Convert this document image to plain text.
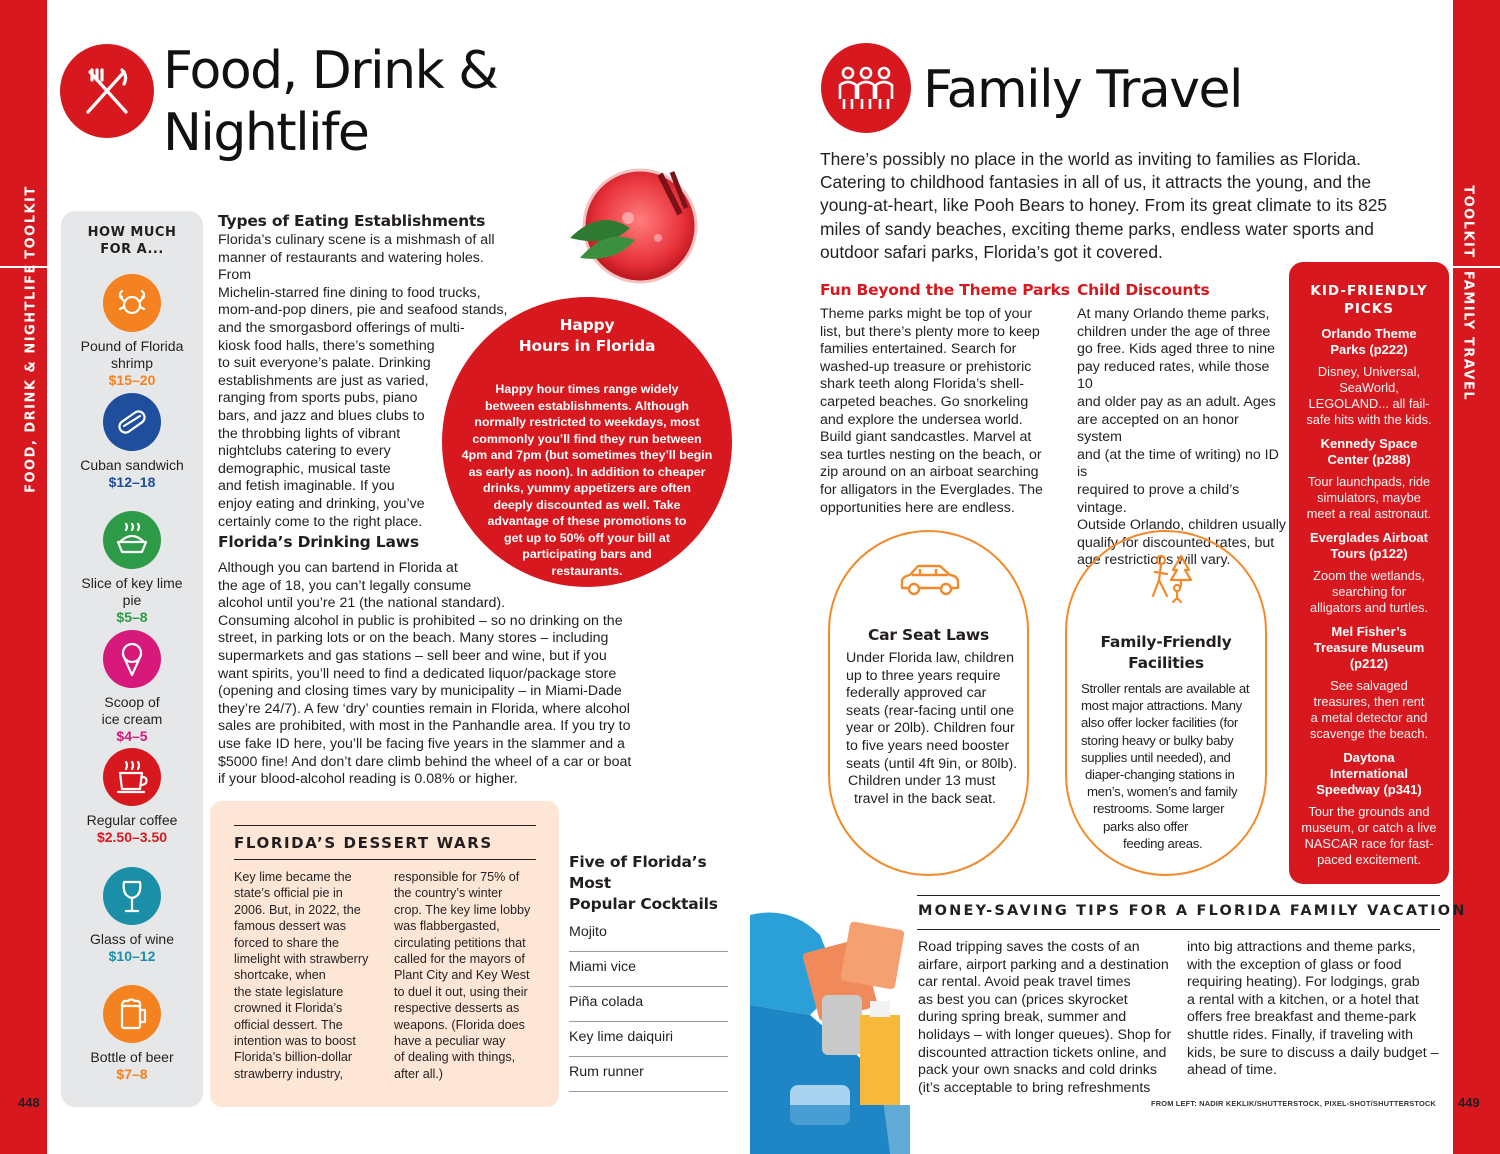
TOOLKIT
FOOD, DRINK & NIGHTLIFE
TOOLKIT
FAMILY TRAVEL
Food, Drink &
Nightlife
HOW MUCH
FOR A...
Pound of Florida
shrimp
$15–20
Cuban sandwich
$12–18
Slice of key lime
pie
$5–8
Scoop of
ice cream
$4–5
Regular coffee
$2.50–3.50
Glass of wine
$10–12
Bottle of beer
$7–8
Types of Eating Establishments
Florida’s culinary scene is a mishmash of all
manner of restaurants and watering holes. From
Michelin-starred fine dining to food trucks,
mom-and-pop diners, pie and seafood stands,
and the smorgasbord offerings of multi-
kiosk food halls, there’s something
to suit everyone’s palate. Drinking
establishments are just as varied,
ranging from sports pubs, piano
bars, and jazz and blues clubs to
the throbbing lights of vibrant
nightclubs catering to every
demographic, musical taste
and fetish imaginable. If you
enjoy eating and drinking, you’ve
certainly come to the right place.
Happy
Hours in Florida
Happy hour times range widely
between establishments. Although
normally restricted to weekdays, most
commonly you’ll find they run between
4pm and 7pm (but sometimes they’ll begin
as early as noon). In addition to cheaper
drinks, yummy appetizers are often
deeply discounted as well. Take
advantage of these promotions to
get up to 50% off your bill at
participating bars and
restaurants.
Florida’s Drinking Laws
Although you can bartend in Florida at
the age of 18, you can’t legally consume
alcohol until you’re 21 (the national standard).
Consuming alcohol in public is prohibited – so no drinking on the
street, in parking lots or on the beach. Many stores – including
supermarkets and gas stations – sell beer and wine, but if you
want spirits, you’ll need to find a dedicated liquor/package store
(opening and closing times vary by municipality – in Miami-Dade
they’re 24/7). A few ‘dry’ counties remain in Florida, where alcohol
sales are prohibited, with most in the Panhandle area. If you try to
use fake ID here, you’ll be facing five years in the slammer and a
$5000 fine! And don’t dare climb behind the wheel of a car or boat
if your blood-alcohol reading is 0.08% or higher.
FLORIDA’S DESSERT WARS
Key lime became the
state’s official pie in
2006. But, in 2022, the
famous dessert was
forced to share the
limelight with strawberry
shortcake, when
the state legislature
crowned it Florida’s
official dessert. The
intention was to boost
Florida’s billion-dollar
strawberry industry,
responsible for 75% of
the country’s winter
crop. The key lime lobby
was flabbergasted,
circulating petitions that
called for the mayors of
Plant City and Key West
to duel it out, using their
respective desserts as
weapons. (Florida does
have a peculiar way
of dealing with things,
after all.)
Five of Florida’s Most
Popular Cocktails
Mojito
Miami vice
Piña colada
Key lime daiquiri
Rum runner
448
Family Travel
There’s possibly no place in the world as inviting to families as Florida.
Catering to childhood fantasies in all of us, it attracts the young, and the
young-at-heart, like Pooh Bears to honey. From its great climate to its 825
miles of sandy beaches, exciting theme parks, endless water sports and
outdoor safari parks, Florida’s got it covered.
Fun Beyond the Theme Parks
Theme parks might be top of your
list, but there’s plenty more to keep
families entertained. Search for
washed-up treasure or prehistoric
shark teeth along Florida’s shell-
carpeted beaches. Go snorkeling
and explore the undersea world.
Build giant sandcastles. Marvel at
sea turtles nesting on the beach, or
zip around on an airboat searching
for alligators in the Everglades. The
opportunities here are endless.
Child Discounts
At many Orlando theme parks,
children under the age of three
go free. Kids aged three to nine
pay reduced rates, while those 10
and older pay as an adult. Ages
are accepted on an honor system
and (at the time of writing) no ID is
required to prove a child’s vintage.
Outside Orlando, children usually
qualify for discounted rates, but
age restrictions will vary.
Car Seat Laws
Under Florida law, children
up to three years require
federally approved car
seats (rear-facing until one
year or 20lb). Children four
to five years need booster
seats (until 4ft 9in, or 80lb).
Children under 13 must
travel in the back seat.
Family-Friendly
Facilities
Stroller rentals are available at
most major attractions. Many
also offer locker facilities (for
storing heavy or bulky baby
supplies until needed), and
diaper-changing stations in
men’s, women’s and family
restrooms. Some larger
parks also offer
feeding areas.
KID-FRIENDLY
PICKS
Orlando Theme
Parks (p222)
Disney, Universal,
SeaWorld,
LEGOLAND... all fail-
safe hits with the kids.
Kennedy Space
Center (p288)
Tour launchpads, ride
simulators, maybe
meet a real astronaut.
Everglades Airboat
Tours (p122)
Zoom the wetlands,
searching for
alligators and turtles.
Mel Fisher’s
Treasure Museum
(p212)
See salvaged
treasures, then rent
a metal detector and
scavenge the beach.
Daytona
International
Speedway (p341)
Tour the grounds and
museum, or catch a live
NASCAR race for fast-
paced excitement.
MONEY-SAVING TIPS FOR A FLORIDA FAMILY VACATION
Road tripping saves the costs of an
airfare, airport parking and a destination
car rental. Avoid peak travel times
as best you can (prices skyrocket
during spring break, summer and
holidays – with longer queues). Shop for
discounted attraction tickets online, and
pack your own snacks and cold drinks
(it’s acceptable to bring refreshments
into big attractions and theme parks,
with the exception of glass or food
requiring heating). For lodgings, grab
a rental with a kitchen, or a hotel that
offers free breakfast and theme-park
shuttle rides. Finally, if traveling with
kids, be sure to discuss a daily budget –
ahead of time.
FROM LEFT: NADIR KEKLIK/SHUTTERSTOCK, PIXEL-SHOT/SHUTTERSTOCK 449
